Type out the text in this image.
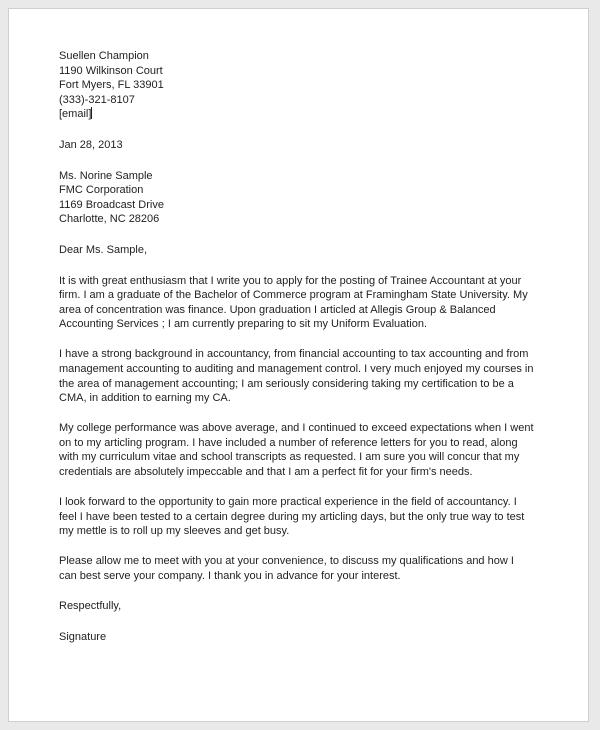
Suellen Champion
1190 Wilkinson Court
Fort Myers, FL 33901
(333)-321-8107
[email]
Jan 28, 2013
Ms. Norine Sample
FMC Corporation
1169 Broadcast Drive
Charlotte, NC 28206
Dear Ms. Sample,
It is with great enthusiasm that I write you to apply for the posting of Trainee Accountant at your
firm. I am a graduate of the Bachelor of Commerce program at Framingham State University. My
area of concentration was finance. Upon graduation I articled at Allegis Group & Balanced
Accounting Services ; I am currently preparing to sit my Uniform Evaluation.
I have a strong background in accountancy, from financial accounting to tax accounting and from
management accounting to auditing and management control. I very much enjoyed my courses in
the area of management accounting; I am seriously considering taking my certification to be a
CMA, in addition to earning my CA.
My college performance was above average, and I continued to exceed expectations when I went
on to my articling program. I have included a number of reference letters for you to read, along
with my curriculum vitae and school transcripts as requested. I am sure you will concur that my
credentials are absolutely impeccable and that I am a perfect fit for your firm's needs.
I look forward to the opportunity to gain more practical experience in the field of accountancy. I
feel I have been tested to a certain degree during my articling days, but the only true way to test
my mettle is to roll up my sleeves and get busy.
Please allow me to meet with you at your convenience, to discuss my qualifications and how I
can best serve your company. I thank you in advance for your interest.
Respectfully,
Signature
